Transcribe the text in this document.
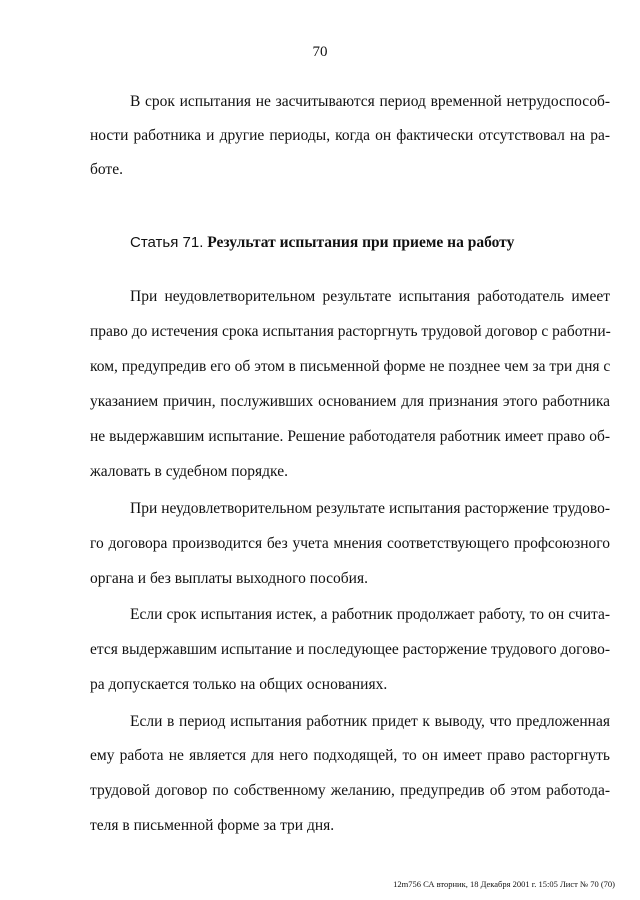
70
В срок испытания не засчитываются период временной нетрудоспособ-
ности работника и другие периоды, когда он фактически отсутствовал на ра-
боте.
Статья 71. Результат испытания при приеме на работу
При неудовлетворительном результате испытания работодатель имеет
право до истечения срока испытания расторгнуть трудовой договор с работни-
ком, предупредив его об этом в письменной форме не позднее чем за три дня с
указанием причин, послуживших основанием для признания этого работника
не выдержавшим испытание. Решение работодателя работник имеет право об-
жаловать в судебном порядке.
При неудовлетворительном результате испытания расторжение трудово-
го договора производится без учета мнения соответствующего профсоюзного
органа и без выплаты выходного пособия.
Если срок испытания истек, а работник продолжает работу, то он счита-
ется выдержавшим испытание и последующее расторжение трудового догово-
ра допускается только на общих основаниях.
Если в период испытания работник придет к выводу, что предложенная
ему работа не является для него подходящей, то он имеет право расторгнуть
трудовой договор по собственному желанию, предупредив об этом работода-
теля в письменной форме за три дня.
12m756 СА вторник, 18 Декабря 2001 г. 15:05 Лист № 70 (70)
